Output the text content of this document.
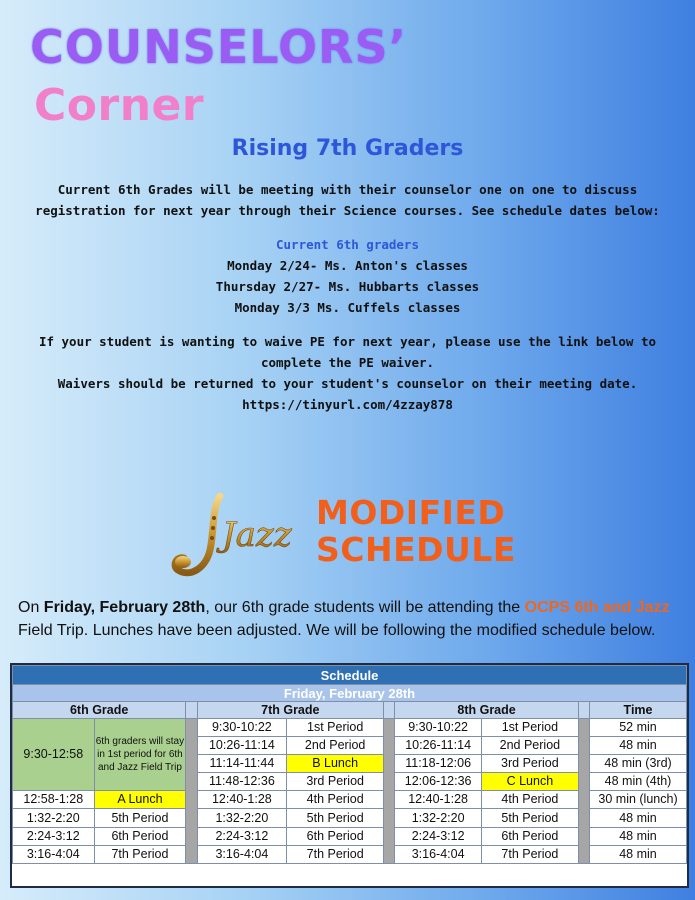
COUNSELORS’
Corner
Rising 7th Graders
Current 6th Grades will be meeting with their counselor one on one to discuss registration for next year through their Science courses. See schedule dates below:
Current 6th graders
Monday 2/24- Ms. Anton's classes
Thursday 2/27- Ms. Hubbarts classes
Monday 3/3 Ms. Cuffels classes
If your student is wanting to waive PE for next year, please use the link below to complete the PE waiver.
Waivers should be returned to your student's counselor on their meeting date.
https://tinyurl.com/4zzay878
Jazz
MODIFIED
SCHEDULE
On Friday, February 28th, our 6th grade students will be attending the OCPS 6th and Jazz Field Trip. Lunches have been adjusted. We will be following the modified schedule below.
Schedule									
Friday, February 28th									
6th Grade			7th Grade			8th Grade			Time
9:30-12:58	6th graders will stay in 1st period for 6th and Jazz Field Trip		9:30-10:22	1st Period		9:30-10:22	1st Period		52 min
			10:26-11:14	2nd Period		10:26-11:14	2nd Period		48 min
			11:14-11:44	B Lunch		11:18-12:06	3rd Period		48 min (3rd)
			11:48-12:36	3rd Period		12:06-12:36	C Lunch		48 min (4th)
12:58-1:28	A Lunch		12:40-1:28	4th Period		12:40-1:28	4th Period		30 min (lunch)
1:32-2:20	5th Period		1:32-2:20	5th Period		1:32-2:20	5th Period		48 min
2:24-3:12	6th Period		2:24-3:12	6th Period		2:24-3:12	6th Period		48 min
3:16-4:04	7th Period		3:16-4:04	7th Period		3:16-4:04	7th Period		48 min
